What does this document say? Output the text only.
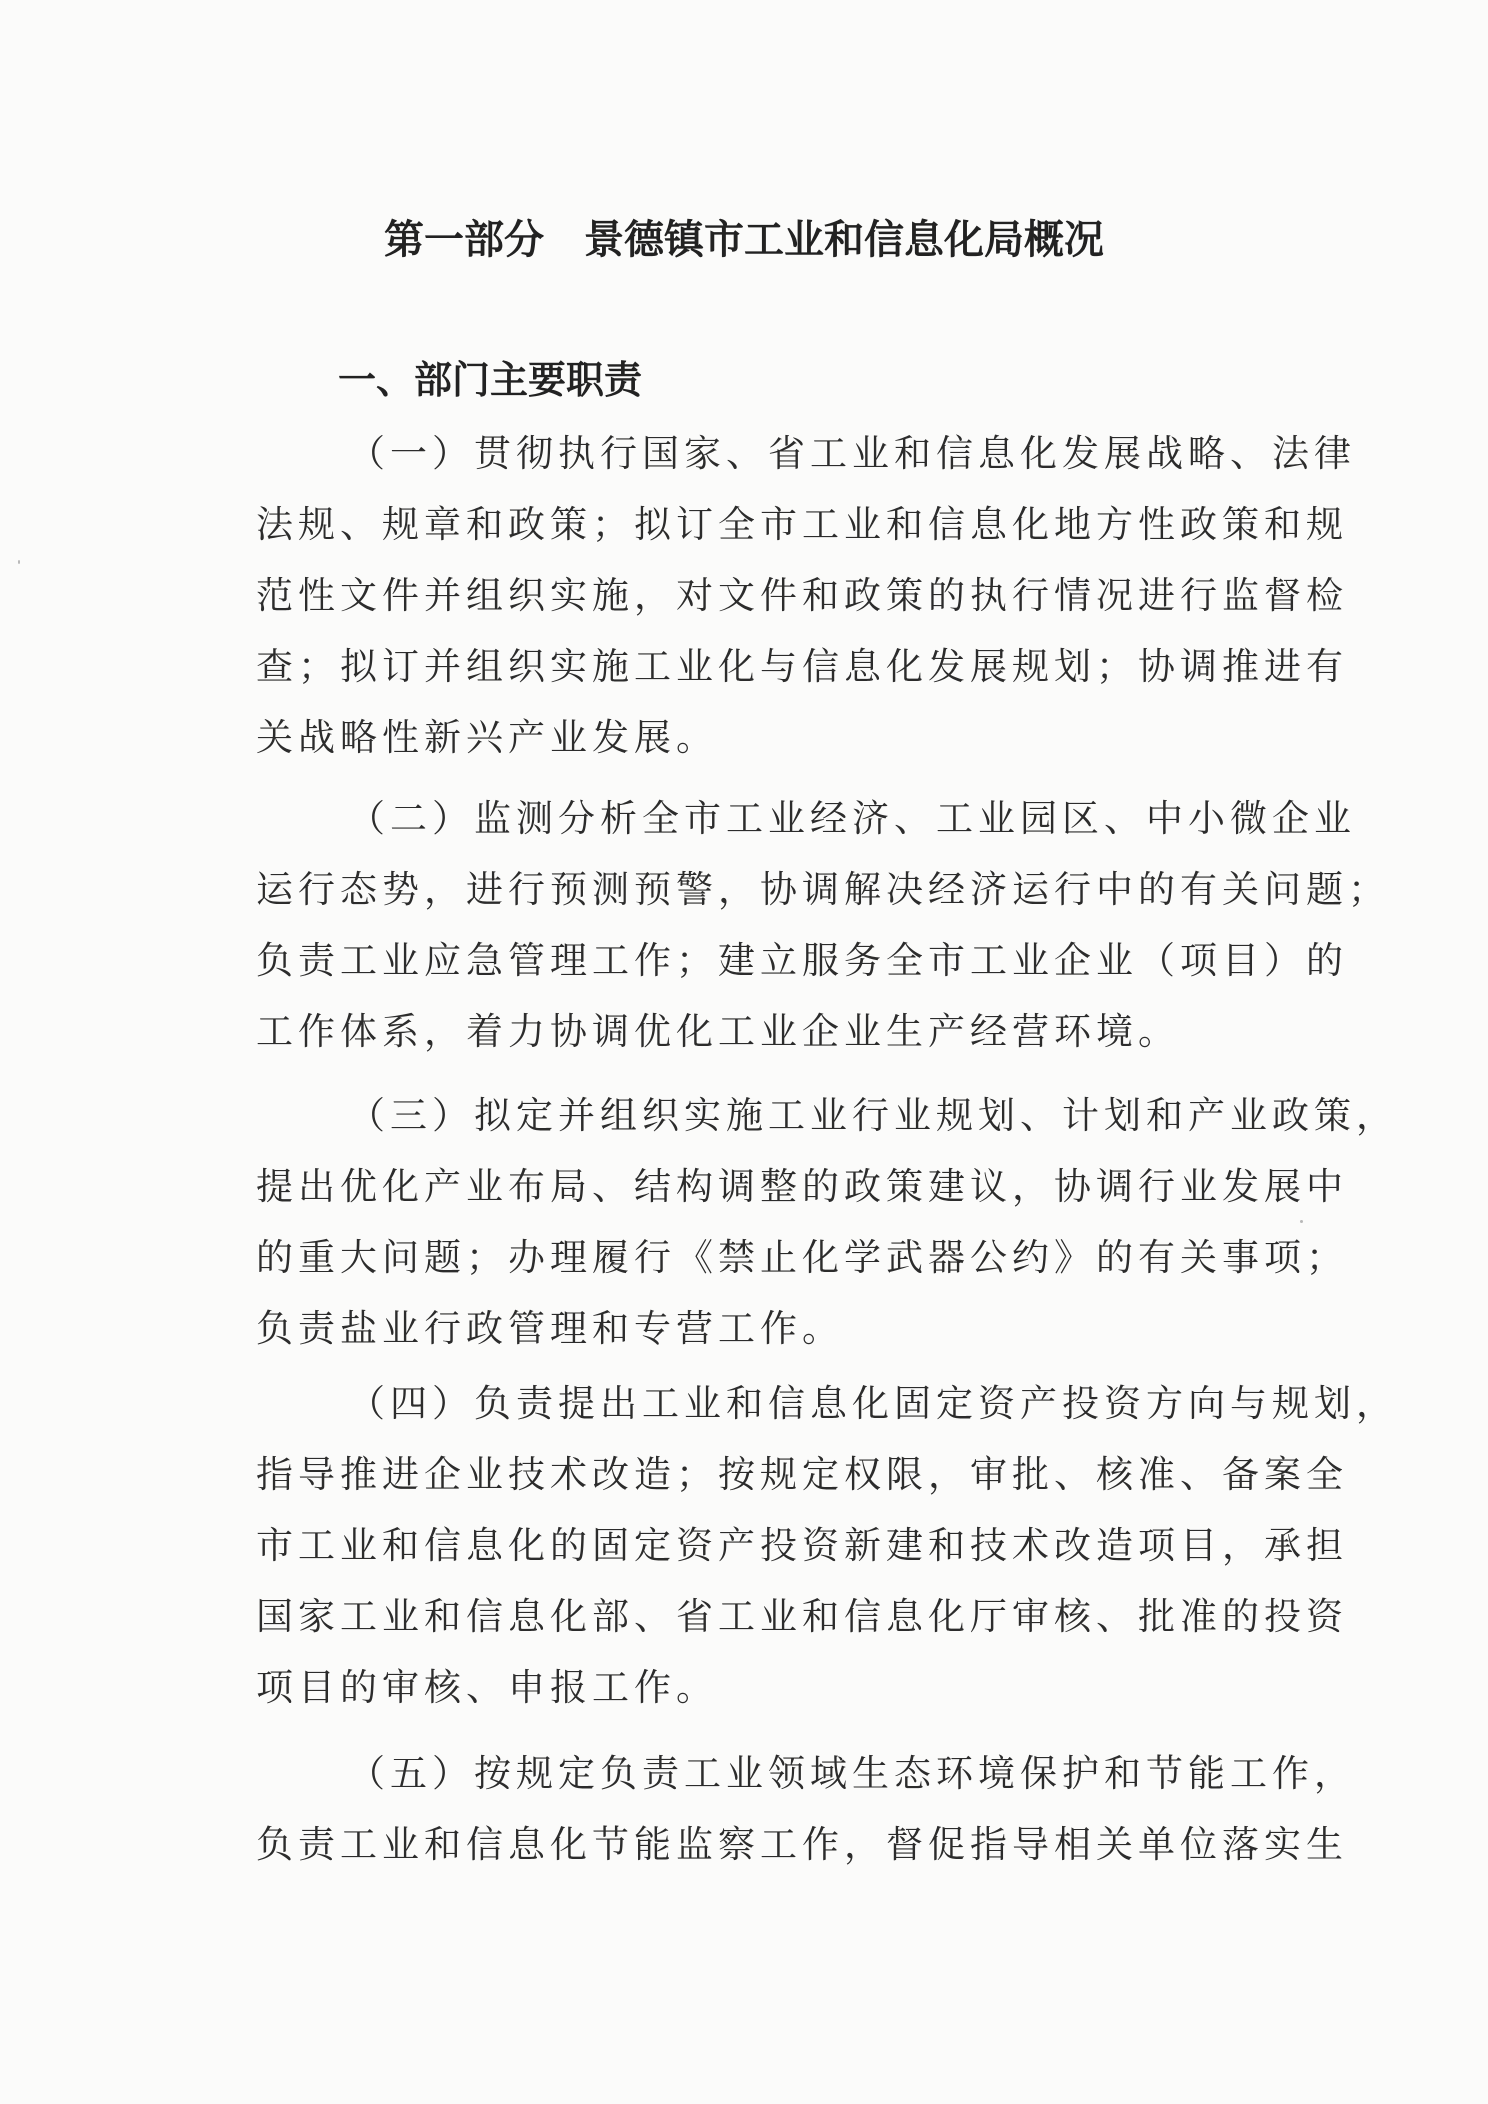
第一部分　景德镇市工业和信息化局概况
一、部门主要职责
（一）贯彻执行国家、省工业和信息化发展战略、法律
法规、规章和政策；拟订全市工业和信息化地方性政策和规
范性文件并组织实施，对文件和政策的执行情况进行监督检
查；拟订并组织实施工业化与信息化发展规划；协调推进有
关战略性新兴产业发展。
（二）监测分析全市工业经济、工业园区、中小微企业
运行态势，进行预测预警，协调解决经济运行中的有关问题；
负责工业应急管理工作；建立服务全市工业企业（项目）的
工作体系，着力协调优化工业企业生产经营环境。
（三）拟定并组织实施工业行业规划、计划和产业政策，
提出优化产业布局、结构调整的政策建议，协调行业发展中
的重大问题；办理履行《禁止化学武器公约》的有关事项；
负责盐业行政管理和专营工作。
（四）负责提出工业和信息化固定资产投资方向与规划，
指导推进企业技术改造；按规定权限，审批、核准、备案全
市工业和信息化的固定资产投资新建和技术改造项目，承担
国家工业和信息化部、省工业和信息化厅审核、批准的投资
项目的审核、申报工作。
（五）按规定负责工业领域生态环境保护和节能工作，
负责工业和信息化节能监察工作，督促指导相关单位落实生
